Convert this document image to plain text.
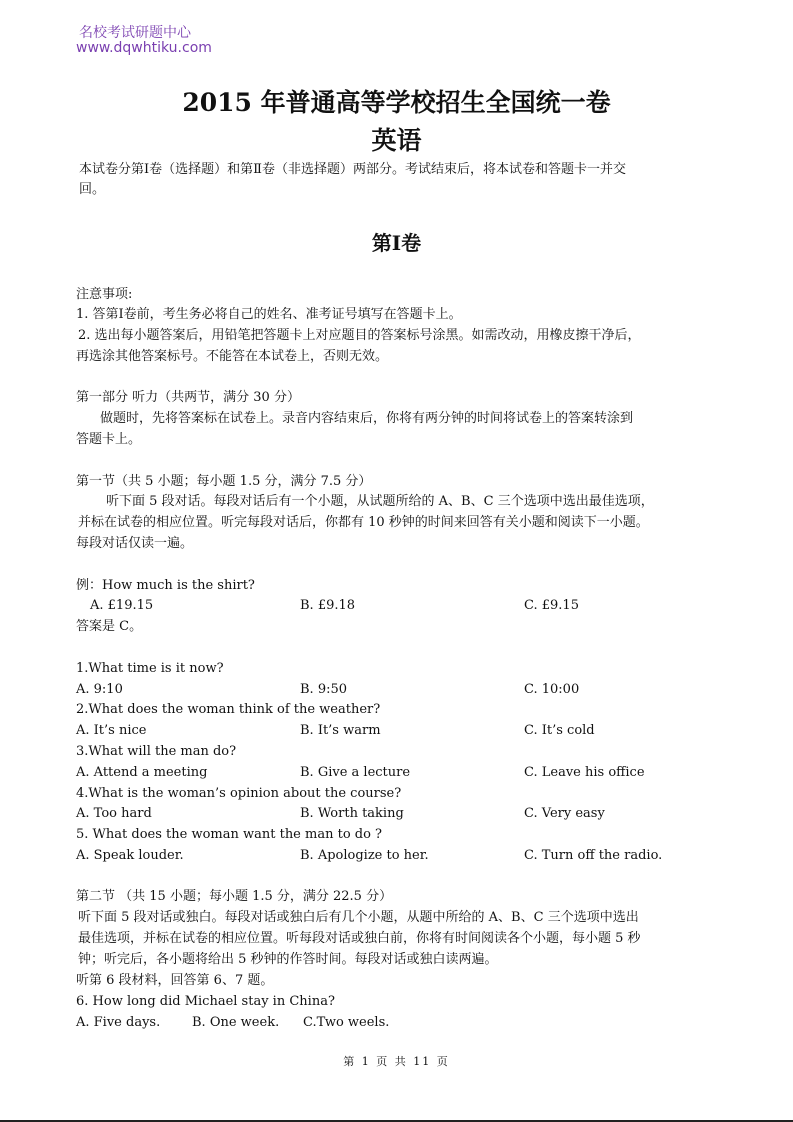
名校考试研题中心
www.dqwhtiku.com
2015 年普通高等学校招生全国统一卷
英语
本试卷分第Ⅰ卷（选择题）和第Ⅱ卷（非选择题）两部分。考试结束后，将本试卷和答题卡一并交
回。
第Ⅰ卷
注意事项:
1. 答第Ⅰ卷前，考生务必将自己的姓名、准考证号填写在答题卡上。
2. 选出每小题答案后，用铅笔把答题卡上对应题目的答案标号涂黑。如需改动，用橡皮擦干净后，
再选涂其他答案标号。不能答在本试卷上，否则无效。
第一部分 听力（共两节，满分 30 分）
做题时，先将答案标在试卷上。录音内容结束后，你将有两分钟的时间将试卷上的答案转涂到
答题卡上。
第一节（共 5 小题；每小题 1.5 分，满分 7.5 分）
听下面 5 段对话。每段对话后有一个小题，从试题所给的 A、B、C 三个选项中选出最佳选项，
并标在试卷的相应位置。听完每段对话后，你都有 10 秒钟的时间来回答有关小题和阅读下一小题。
每段对话仅读一遍。
例：How much is the shirt?
A. £19.15	B. £9.18	C. £9.15
答案是 C。
1.What time is it now?
A. 9:10	B. 9:50	C. 10:00
2.What does the woman think of the weather?
A. It’s nice	B. It’s warm	C. It’s cold
3.What will the man do?
A. Attend a meeting	B. Give a lecture	C. Leave his office
4.What is the woman’s opinion about the course?
A. Too hard	B. Worth taking	C. Very easy
5. What does the woman want the man to do ?
A. Speak louder.	B. Apologize to her.	C. Turn off the radio.
第二节 （共 15 小题；每小题 1.5 分，满分 22.5 分）
听下面 5 段对话或独白。每段对话或独白后有几个小题，从题中所给的 A、B、C 三个选项中选出
最佳选项，并标在试卷的相应位置。听每段对话或独白前，你将有时间阅读各个小题，每小题 5 秒
钟；听完后，各小题将给出 5 秒钟的作答时间。每段对话或独白读两遍。
听第 6 段材料，回答第 6、7 题。
6. How long did Michael stay in China?
A. Five days. B. One week. C.Two weels.
第 1 页 共 11 页
